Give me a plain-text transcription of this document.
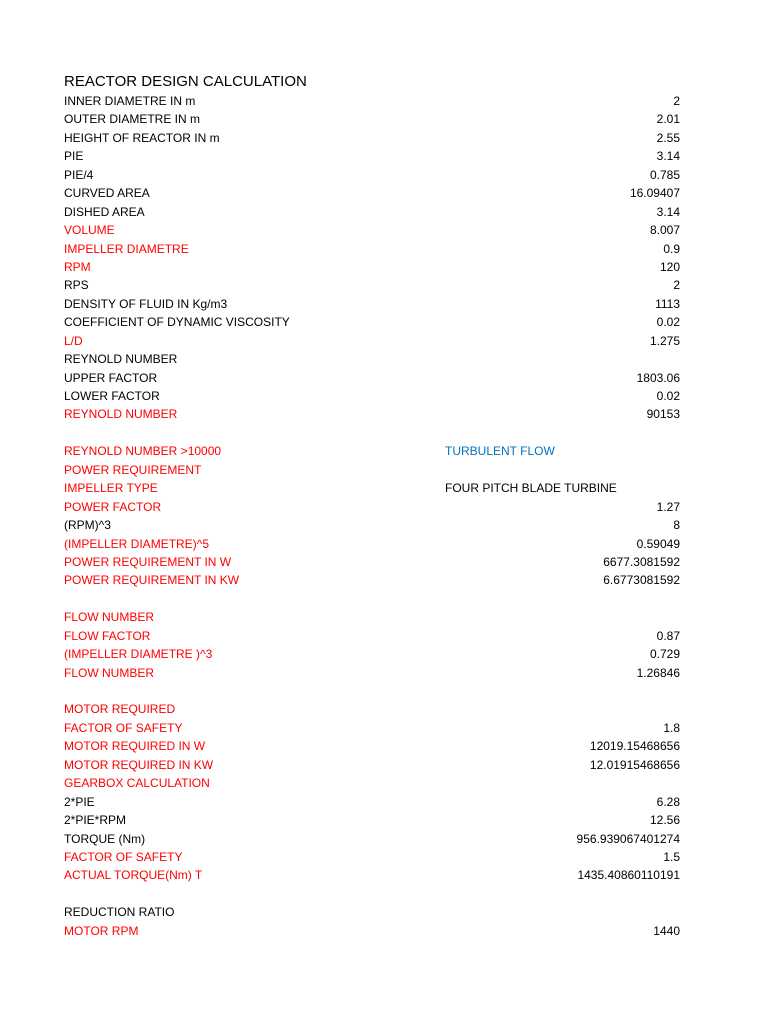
REACTOR DESIGN CALCULATION
INNER DIAMETRE IN m	2
OUTER DIAMETRE IN m	2.01
HEIGHT OF REACTOR IN m	2.55
PIE	3.14
PIE/4	0.785
CURVED AREA	16.09407
DISHED AREA	3.14
VOLUME	8.007
IMPELLER DIAMETRE	0.9
RPM	120
RPS	2
DENSITY OF FLUID IN Kg/m3	1113
COEFFICIENT OF DYNAMIC VISCOSITY	0.02
L/D	1.275
REYNOLD NUMBER
UPPER FACTOR	1803.06
LOWER FACTOR	0.02
REYNOLD NUMBER	90153
REYNOLD NUMBER >10000	TURBULENT FLOW
POWER REQUIREMENT
IMPELLER TYPE	FOUR PITCH BLADE TURBINE
POWER FACTOR	1.27
(RPM)^3	8
(IMPELLER DIAMETRE)^5	0.59049
POWER REQUIREMENT IN W	6677.3081592
POWER REQUIREMENT IN KW	6.6773081592
FLOW NUMBER
FLOW FACTOR	0.87
(IMPELLER DIAMETRE )^3	0.729
FLOW NUMBER	1.26846
MOTOR REQUIRED
FACTOR OF SAFETY	1.8
MOTOR REQUIRED IN W	12019.15468656
MOTOR REQUIRED IN KW	12.01915468656
GEARBOX CALCULATION
2*PIE	6.28
2*PIE*RPM	12.56
TORQUE (Nm)	956.939067401274
FACTOR OF SAFETY	1.5
ACTUAL TORQUE(Nm) T	1435.40860110191
REDUCTION RATIO
MOTOR RPM	1440
